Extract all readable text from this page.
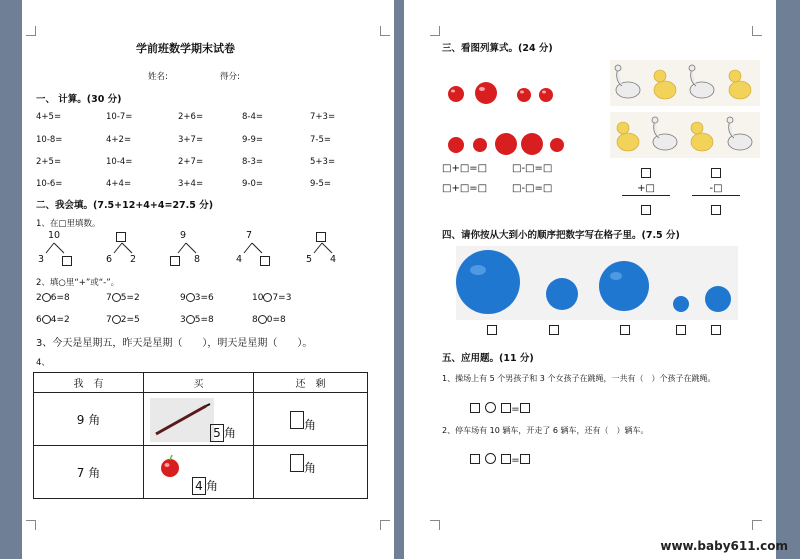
学前班数学期末试卷
姓名:	得分:
一、 计算。(30 分)
4+5=	10-7=	2+6=	8-4=	7+3=
10-8=	4+2=	3+7=	9-9=	7-5=
2+5=	10-4=	2+7=	8-3=	5+3=
10-6=	4+4=	3+4=	9-0=	9-5=
二、我会填。(7.5+12+4+4=27.5 分)
1、在□里填数。
10
3	6 2
9
8
7
4	5 4
2、填○里“+”或“-”。
2 6=8	7 5=2	9 3=6	10 7=3
6 4=2	7 2=5	3 5=8	8 0=8
3、今天是星期五，昨天是星期（　　），明天是星期（　　）。
4、
我　有	买	还　剩
9 角	5 角	角

7 角	4 角	角
三、看图列算式。(24 分)
□+□=□ □-□=□
□+□=□ □-□=□	+□	-□
四、请你按从大到小的顺序把数字写在格子里。(7.5 分)
五、应用题。(11 分)
1、操场上有 5 个男孩子和 3 个女孩子在跳绳，一共有（　）个孩子在跳绳。
=
2、停车场有 10 辆车，开走了 6 辆车，还有（　）辆车。
=
www.baby611.com
